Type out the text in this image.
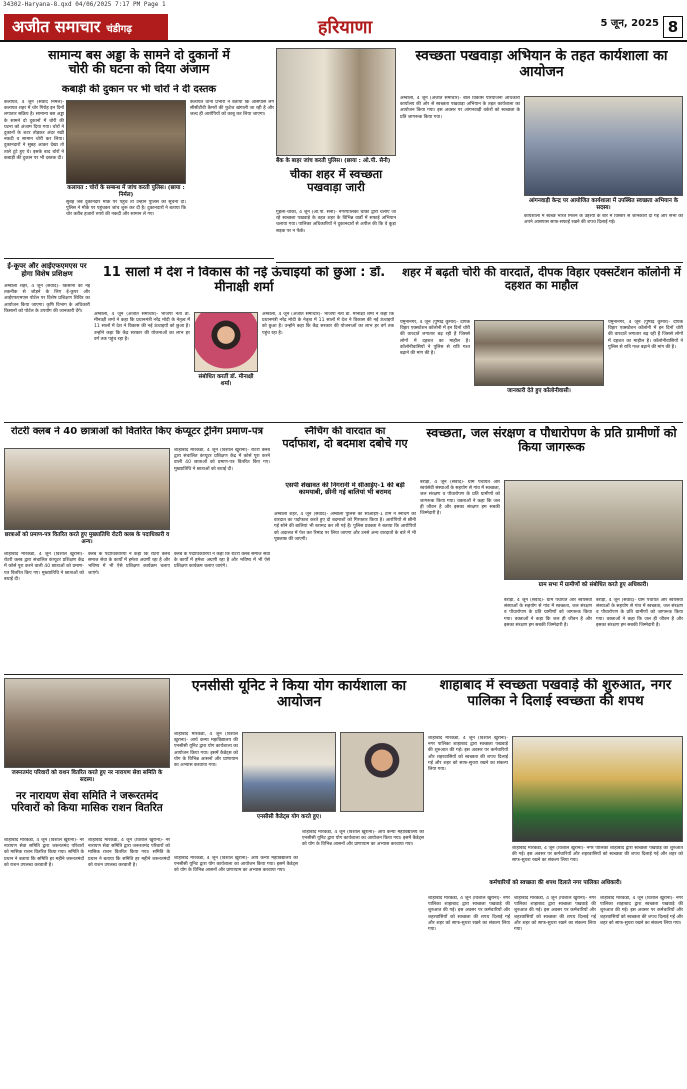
34302-Haryana-8.qxd 04/06/2025 7:17 PM Page 1
अजीत समाचार चंडीगढ़	हरियाणा	5 जून, 2025 8
सामान्य बस अड्डा के सामने दो दुकानों में
चोरी की घटना को दिया अंजाम
कबाड़ी की दुकान पर भी चोरों ने दी दस्तक
कलायत, 4 जून (संवाद निर्मल)- कलायत शहर में चोर गिरोह इन दिनों लगातार सक्रिय है। सामान्य बस अड्डा के सामने दो दुकानों में चोरी की घटना को अंजाम दिया गया। चोरों ने दुकानों के शटर तोड़कर अंदर रखी नकदी व सामान चोरी कर लिया। दुकानदारों ने सुबह आकर देखा तो ताले टूटे हुए थे। इसके बाद चोरों ने कबाड़ी की दुकान पर भी दस्तक दी।
कलायत : चोरों के सम्बन्ध में जांच करती पुलिस। (छाया : निर्मल)
सुबह जब दुकानदार मौके पर पहुंचे तो उन्होंने पुलिस को सूचना दी। पुलिस ने मौके पर पहुंचकर जांच शुरू कर दी है। दुकानदारों ने बताया कि चोर करीब हजारों रुपये की नकदी और सामान ले गए।
कलायत थाना प्रभारी ने बताया कि आसपास लगे सीसीटीवी कैमरों की फुटेज खंगाली जा रही है और जल्द ही आरोपियों को काबू कर लिया जाएगा।
ई-कूपर और आईएफएमएस पर होगा विशेष प्रशिक्षण
अम्बाला शहर, 4 जून (संवाद)- किसानों को नई तकनीक से जोड़ने के लिए ई-कूपर और आईएफएमएस पोर्टल पर विशेष प्रशिक्षण शिविर का आयोजन किया जाएगा। कृषि विभाग के अधिकारी किसानों को पोर्टल के उपयोग की जानकारी देंगे।
बैंक के बाहर जांच करती पुलिस। (छाया : ओ.पी. सैनी)
चीका शहर में स्वच्छता पखवाड़ा जारी
गुहला-चीका, 4 जून (ओ.पी. सैनी)- नगरपालिका चीका द्वारा चलाए जा रहे स्वच्छता पखवाड़े के तहत शहर के विभिन्न वार्डों में सफाई अभियान चलाया गया। पालिका अधिकारियों ने दुकानदारों से अपील की कि वे कूड़ा सड़क पर न फेंकें।
स्वच्छता पखवाड़ा अभियान के तहत कार्यशाला का आयोजन
अम्बाला, 4 जून (अजीत समाचार)- बाल विकास परियोजना अधिकारी कार्यालय की ओर से स्वच्छता पखवाड़ा अभियान के तहत कार्यशाला का आयोजन किया गया। इस अवसर पर आंगनवाड़ी वर्करों को स्वच्छता के प्रति जागरूक किया गया।
आंगनवाड़ी केन्द्र पर आयोजित कार्यशाला में उपस्थित स्वच्छता अभियान के सदस्य।
कार्यशाला में स्वच्छ भारत मिशन के उद्देश्यों के बारे में विस्तार से जानकारी दी गई और सभी को अपने आसपास साफ-सफाई रखने की शपथ दिलाई गई।
11 सालों में देश ने विकास की नई ऊंचाइयों को छुआ : डॉ. मीनाक्षी शर्मा
अम्बाला, 4 जून (अजीत समाचार)- भाजपा नेता डॉ. मीनाक्षी शर्मा ने कहा कि प्रधानमंत्री नरेंद्र मोदी के नेतृत्व में 11 सालों में देश ने विकास की नई ऊंचाइयों को छुआ है। उन्होंने कहा कि केंद्र सरकार की योजनाओं का लाभ हर वर्ग तक पहुंच रहा है।
संबोधित करतीं डॉ. मीनाक्षी शर्मा।
अम्बाला, 4 जून (अजीत समाचार)- भाजपा नेता डॉ. मीनाक्षी शर्मा ने कहा कि प्रधानमंत्री नरेंद्र मोदी के नेतृत्व में 11 सालों में देश ने विकास की नई ऊंचाइयों को छुआ है। उन्होंने कहा कि केंद्र सरकार की योजनाओं का लाभ हर वर्ग तक पहुंच रहा है।
शहर में बढ़ती चोरी की वारदातें, दीपक विहार एक्सटेंशन कॉलोनी में दहशत का माहौल
यमुनानगर, 4 जून (पुष्पेंद्र कुमार)- दीपक विहार एक्सटेंशन कॉलोनी में इन दिनों चोरी की वारदातें लगातार बढ़ रही हैं जिससे लोगों में दहशत का माहौल है। कॉलोनीवासियों ने पुलिस से रात्रि गश्त बढ़ाने की मांग की है।
जानकारी देते हुए कॉलोनीवासी।
यमुनानगर, 4 जून (पुष्पेंद्र कुमार)- दीपक विहार एक्सटेंशन कॉलोनी में इन दिनों चोरी की वारदातें लगातार बढ़ रही हैं जिससे लोगों में दहशत का माहौल है। कॉलोनीवासियों ने पुलिस से रात्रि गश्त बढ़ाने की मांग की है।
रोटरी क्लब ने 40 छात्राओं को वितरित किए कंप्यूटर ट्रेनिंग प्रमाण-पत्र
छात्राओं को प्रमाण-पत्र वितरित करते हुए मुख्यातिथि रोटरी क्लब के पदाधिकारी व अन्य।
शाहाबाद मारकंडा, 4 जून (विशाल खुराना)- रोटरी क्लब द्वारा संचालित कंप्यूटर प्रशिक्षण केंद्र में कोर्स पूरा करने वाली 40 छात्राओं को प्रमाण-पत्र वितरित किए गए। मुख्यातिथि ने छात्राओं को बधाई दी।
शाहाबाद मारकंडा, 4 जून (विशाल खुराना)- रोटरी क्लब द्वारा संचालित कंप्यूटर प्रशिक्षण केंद्र में कोर्स पूरा करने वाली 40 छात्राओं को प्रमाण-पत्र वितरित किए गए। मुख्यातिथि ने छात्राओं को बधाई दी।
क्लब के पदाधिकारियों ने कहा कि रोटरी क्लब समाज सेवा के कार्यों में हमेशा अग्रणी रहा है और भविष्य में भी ऐसे प्रशिक्षण कार्यक्रम चलाए जाएंगे।
क्लब के पदाधिकारियों ने कहा कि रोटरी क्लब समाज सेवा के कार्यों में हमेशा अग्रणी रहा है और भविष्य में भी ऐसे प्रशिक्षण कार्यक्रम चलाए जाएंगे।
स्नैचिंग की वारदात का
पर्दाफाश, दो बदमाश दबोचे गए
एसपी शेखावत की निगरानी में सीआईए-1 की बड़ी कामयाबी, छीनी गई बालियां भी बरामद
अम्बाला शहर, 4 जून (संवाद)- अम्बाला पुलिस की सीआईए-1 टीम ने स्नैचिंग की वारदात का पर्दाफाश करते हुए दो बदमाशों को गिरफ्तार किया है। आरोपियों से छीनी गई सोने की बालियां भी बरामद कर ली गई हैं। पुलिस प्रवक्ता ने बताया कि आरोपियों को अदालत में पेश कर रिमांड पर लिया जाएगा और उनसे अन्य वारदातों के बारे में भी पूछताछ की जाएगी।
स्वच्छता, जल संरक्षण व पौधारोपण के प्रति ग्रामीणों को किया जागरूक
बराड़ा, 4 जून (संवाद)- ग्राम पंचायत और स्वयंसेवी संस्थाओं के सहयोग से गांव में स्वच्छता, जल संरक्षण व पौधारोपण के प्रति ग्रामीणों को जागरूक किया गया। वक्ताओं ने कहा कि जल ही जीवन है और इसका संरक्षण हम सबकी जिम्मेदारी है।
ग्राम सभा में ग्रामीणों को संबोधित करते हुए अधिकारी।
बराड़ा, 4 जून (संवाद)- ग्राम पंचायत और स्वयंसेवी संस्थाओं के सहयोग से गांव में स्वच्छता, जल संरक्षण व पौधारोपण के प्रति ग्रामीणों को जागरूक किया गया। वक्ताओं ने कहा कि जल ही जीवन है और इसका संरक्षण हम सबकी जिम्मेदारी है।
बराड़ा, 4 जून (संवाद)- ग्राम पंचायत और स्वयंसेवी संस्थाओं के सहयोग से गांव में स्वच्छता, जल संरक्षण व पौधारोपण के प्रति ग्रामीणों को जागरूक किया गया। वक्ताओं ने कहा कि जल ही जीवन है और इसका संरक्षण हम सबकी जिम्मेदारी है।
एनसीसी यूनिट ने किया योग कार्यशाला का आयोजन
शाहाबाद मारकंडा, 4 जून (विशाल खुराना)- आर्य कन्या महाविद्यालय की एनसीसी यूनिट द्वारा योग कार्यशाला का आयोजन किया गया। इसमें कैडेट्स को योग के विभिन्न आसनों और प्राणायाम का अभ्यास करवाया गया।
एनसीसी कैडेट्स योग करते हुए।
शाहाबाद मारकंडा, 4 जून (विशाल खुराना)- आर्य कन्या महाविद्यालय की एनसीसी यूनिट द्वारा योग कार्यशाला का आयोजन किया गया। इसमें कैडेट्स को योग के विभिन्न आसनों और प्राणायाम का अभ्यास करवाया गया।
शाहाबाद मारकंडा, 4 जून (विशाल खुराना)- आर्य कन्या महाविद्यालय की एनसीसी यूनिट द्वारा योग कार्यशाला का आयोजन किया गया। इसमें कैडेट्स को योग के विभिन्न आसनों और प्राणायाम का अभ्यास करवाया गया।
जरूरतमंद परिवारों को राशन वितरित करते हुए नर नारायण सेवा समिति के सदस्य।
नर नारायण सेवा समिति ने जरूरतमंद परिवारों को किया मासिक राशन वितरित
शाहाबाद मारकंडा, 4 जून (विशाल खुराना)- नर नारायण सेवा समिति द्वारा जरूरतमंद परिवारों को मासिक राशन वितरित किया गया। समिति के प्रधान ने बताया कि समिति हर महीने जरूरतमंदों को राशन उपलब्ध करवाती है।
शाहाबाद मारकंडा, 4 जून (विशाल खुराना)- नर नारायण सेवा समिति द्वारा जरूरतमंद परिवारों को मासिक राशन वितरित किया गया। समिति के प्रधान ने बताया कि समिति हर महीने जरूरतमंदों को राशन उपलब्ध करवाती है।
शाहाबाद में स्वच्छता पखवाड़े की शुरुआत, नगर पालिका ने दिलाई स्वच्छता की शपथ
शाहाबाद मारकंडा, 4 जून (विशाल खुराना)- नगर पालिका शाहाबाद द्वारा स्वच्छता पखवाड़े की शुरुआत की गई। इस अवसर पर कर्मचारियों और शहरवासियों को स्वच्छता की शपथ दिलाई गई और शहर को साफ-सुथरा रखने का संकल्प लिया गया।
कर्मचारियों को स्वच्छता की शपथ दिलाते नगर पालिका अधिकारी।
शाहाबाद मारकंडा, 4 जून (विशाल खुराना)- नगर पालिका शाहाबाद द्वारा स्वच्छता पखवाड़े की शुरुआत की गई। इस अवसर पर कर्मचारियों और शहरवासियों को स्वच्छता की शपथ दिलाई गई और शहर को साफ-सुथरा रखने का संकल्प लिया गया।
शाहाबाद मारकंडा, 4 जून (विशाल खुराना)- नगर पालिका शाहाबाद द्वारा स्वच्छता पखवाड़े की शुरुआत की गई। इस अवसर पर कर्मचारियों और शहरवासियों को स्वच्छता की शपथ दिलाई गई और शहर को साफ-सुथरा रखने का संकल्प लिया गया।
शाहाबाद मारकंडा, 4 जून (विशाल खुराना)- नगर पालिका शाहाबाद द्वारा स्वच्छता पखवाड़े की शुरुआत की गई। इस अवसर पर कर्मचारियों और शहरवासियों को स्वच्छता की शपथ दिलाई गई और शहर को साफ-सुथरा रखने का संकल्प लिया गया।
शाहाबाद मारकंडा, 4 जून (विशाल खुराना)- नगर पालिका शाहाबाद द्वारा स्वच्छता पखवाड़े की शुरुआत की गई। इस अवसर पर कर्मचारियों और शहरवासियों को स्वच्छता की शपथ दिलाई गई और शहर को साफ-सुथरा रखने का संकल्प लिया गया।
